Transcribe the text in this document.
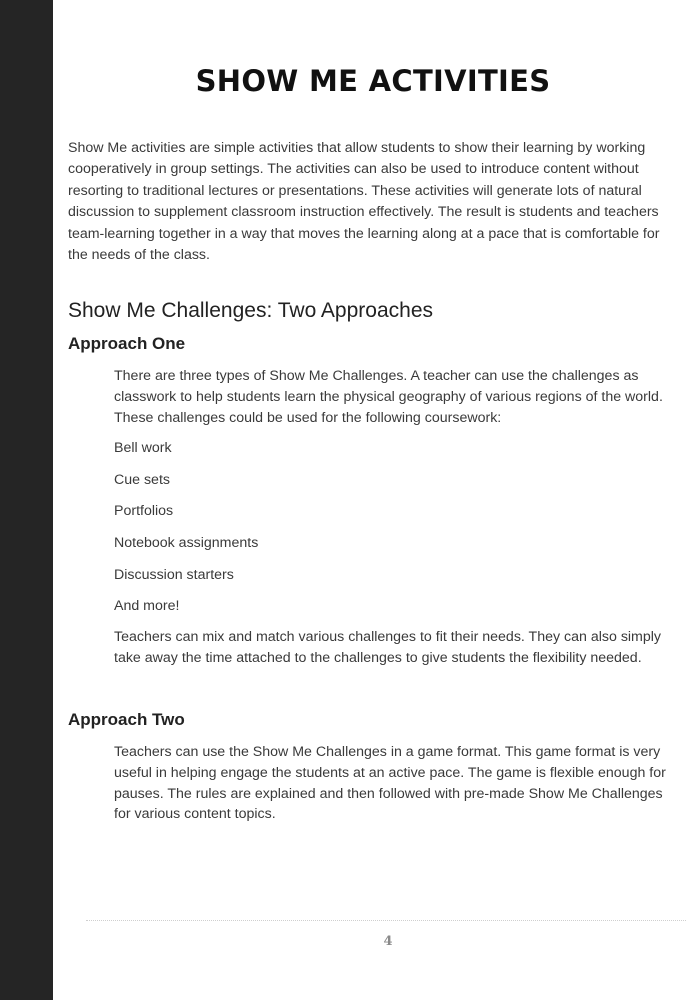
SHOW ME ACTIVITIES

Show Me activities are simple activities that allow students to show their learning by working cooperatively in group settings. The activities can also be used to introduce content without resorting to traditional lectures or presentations. These activities will generate lots of natural discussion to supplement classroom instruction effectively. The result is students and teachers team-learning together in a way that moves the learning along at a pace that is comfortable for the needs of the class.

Show Me Challenges: Two Approaches
Approach One

There are three types of Show Me Challenges. A teacher can use the challenges as classwork to help students learn the physical geography of various regions of the world. These challenges could be used for the following coursework:

Bell work

Cue sets

Portfolios

Notebook assignments

Discussion starters

And more!

Teachers can mix and match various challenges to fit their needs. They can also simply take away the time attached to the challenges to give students the flexibility needed.

Approach Two

Teachers can use the Show Me Challenges in a game format. This game format is very useful in helping engage the students at an active pace. The game is flexible enough for pauses. The rules are explained and then followed with pre-made Show Me Challenges for various content topics.

4
